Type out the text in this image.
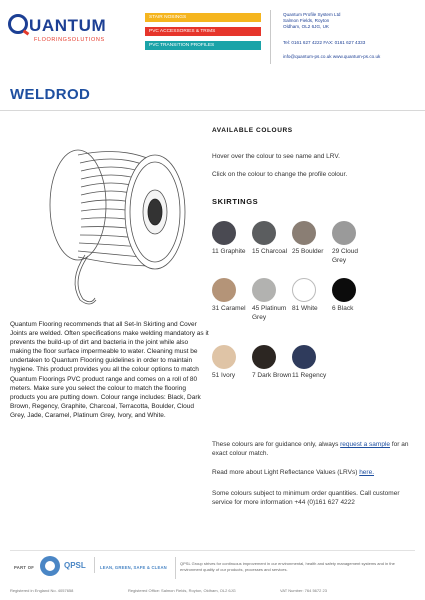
UANTUM
FLOORINGSOLUTIONS
STAIR NOSINGS
PVC ACCESSORIES & TRIMS
PVC TRANSITION PROFILES
Quantum Profile System Ltd
Salmon Fields, Royton
Oldham, OL2 6JG, UK
Tel: 0161 627 4222 FAX: 0161 627 4333
info@quantum-ps.co.uk www.quantum-ps.co.uk
WELDROD

Quantum Flooring recommends that all Set-In Skirting and Cover Joints are welded. Often specifications make welding mandatory as it prevents the build-up of dirt and bacteria in the joint while also making the floor surface impermeable to water. Cleaning must be undertaken to Quantum Flooring guidelines in order to maintain hygiene. This product provides you all the colour options to match Quantum Floorings PVC product range and comes on a roll of 80 meters. Make sure you select the colour to match the flooring products you are putting down. Colour range includes: Black, Dark Brown, Regency, Graphite, Charcoal, Terracotta, Boulder, Cloud Grey, Jade, Caramel, Platinum Grey, Ivory, and White.

AVAILABLE COLOURS
Hover over the colour to see name and LRV.
Click on the colour to change the profile colour.
SKIRTINGS
11 Graphite	15 Charcoal 25 Boulder	29 Cloud Grey
31 Caramel 45 Platinum Grey
81 White	6 Black
51 Ivory	7 Dark Brown 11 Regency
These colours are for guidance only, always request a sample for an exact colour match.
Read more about Light Reflectance Values (LRVs) here.
Some colours subject to minimum order quantities. Call customer service for more information +44 (0)161 627 4222
PART OF	QPSL	LEAN, GREEN, SAFE & CLEAN
QPSL Group strives for continuous improvement in our environmental, health and safety management systems and in the environment quality of our products, processes and services.
Registered in England No. 4057658	Registered Office: Salmon Fields, Royton, Oldham, OL2 6JG	VAT Number: 764 5672 23
